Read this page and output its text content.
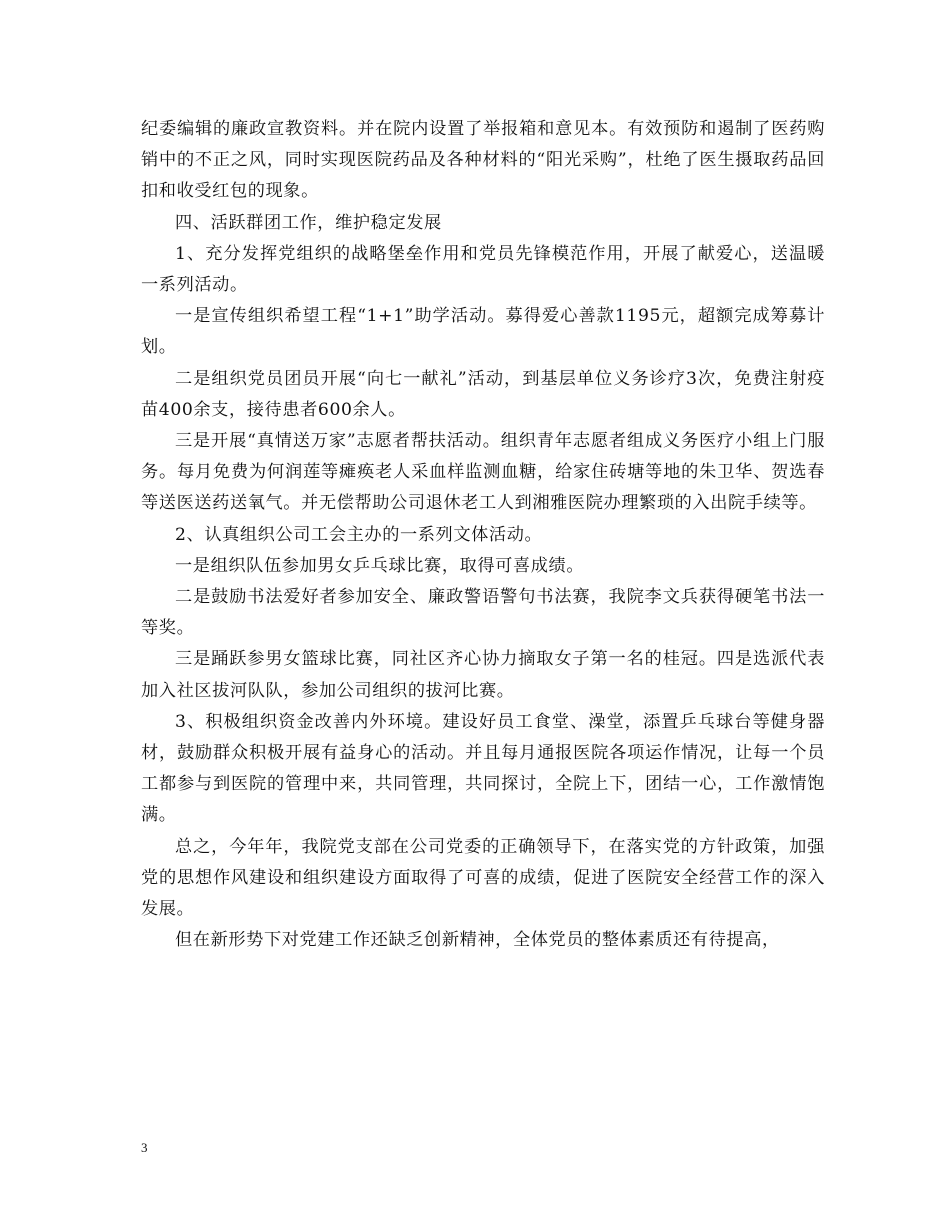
纪委编辑的廉政宣教资料。并在院内设置了举报箱和意见本。有效预防和遏制了医药购销中的不正之风，同时实现医院药品及各种材料的“阳光采购”，杜绝了医生摄取药品回扣和收受红包的现象。

四、活跃群团工作，维护稳定发展

1、充分发挥党组织的战略堡垒作用和党员先锋模范作用，开展了献爱心，送温暖一系列活动。

一是宣传组织希望工程“1+1”助学活动。募得爱心善款1195元，超额完成筹募计划。

二是组织党员团员开展“向七一献礼”活动，到基层单位义务诊疗3次，免费注射疫苗400余支，接待患者600余人。

三是开展“真情送万家”志愿者帮扶活动。组织青年志愿者组成义务医疗小组上门服务。每月免费为何润莲等瘫痪老人采血样监测血糖，给家住砖塘等地的朱卫华、贺选春等送医送药送氧气。并无偿帮助公司退休老工人到湘雅医院办理繁琐的入出院手续等。

2、认真组织公司工会主办的一系列文体活动。

一是组织队伍参加男女乒乓球比赛，取得可喜成绩。

二是鼓励书法爱好者参加安全、廉政警语警句书法赛，我院李文兵获得硬笔书法一等奖。

三是踊跃参男女篮球比赛，同社区齐心协力摘取女子第一名的桂冠。四是选派代表加入社区拔河队队，参加公司组织的拔河比赛。

3、积极组织资金改善内外环境。建设好员工食堂、澡堂，添置乒乓球台等健身器材，鼓励群众积极开展有益身心的活动。并且每月通报医院各项运作情况，让每一个员工都参与到医院的管理中来，共同管理，共同探讨，全院上下，团结一心，工作激情饱满。

总之，今年年，我院党支部在公司党委的正确领导下，在落实党的方针政策，加强党的思想作风建设和组织建设方面取得了可喜的成绩，促进了医院安全经营工作的深入发展。

但在新形势下对党建工作还缺乏创新精神，全体党员的整体素质还有待提高，

3
